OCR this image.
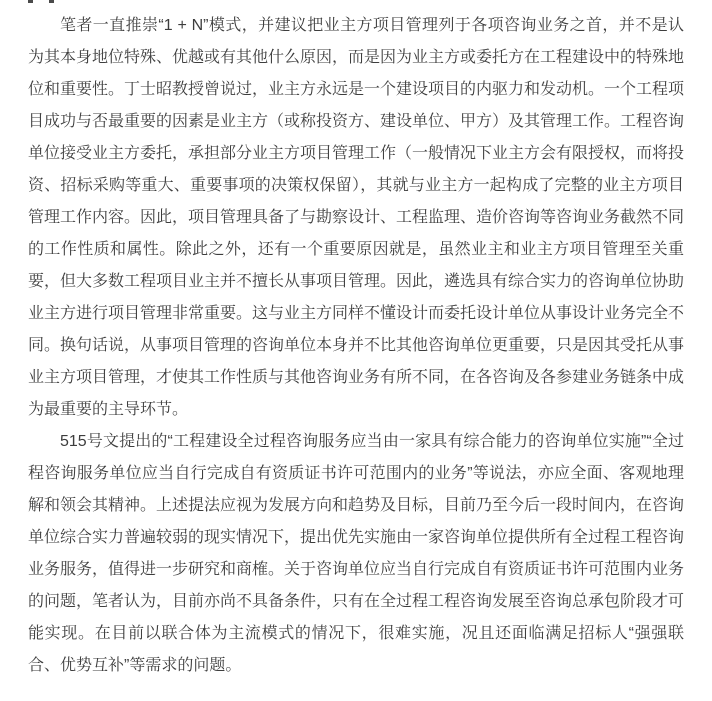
笔者一直推崇“1 + N”模式，并建议把业主方项目管理列于各项咨询业务之首，并不是认
为其本身地位特殊、优越或有其他什么原因，而是因为业主方或委托方在工程建设中的特殊地
位和重要性。丁士昭教授曾说过，业主方永远是一个建设项目的内驱力和发动机。一个工程项
目成功与否最重要的因素是业主方（或称投资方、建设单位、甲方）及其管理工作。工程咨询
单位接受业主方委托，承担部分业主方项目管理工作（一般情况下业主方会有限授权，而将投
资、招标采购等重大、重要事项的决策权保留），其就与业主方一起构成了完整的业主方项目
管理工作内容。因此，项目管理具备了与勘察设计、工程监理、造价咨询等咨询业务截然不同
的工作性质和属性。除此之外，还有一个重要原因就是，虽然业主和业主方项目管理至关重
要，但大多数工程项目业主并不擅长从事项目管理。因此，遴选具有综合实力的咨询单位协助
业主方进行项目管理非常重要。这与业主方同样不懂设计而委托设计单位从事设计业务完全不
同。换句话说，从事项目管理的咨询单位本身并不比其他咨询单位更重要，只是因其受托从事
业主方项目管理，才使其工作性质与其他咨询业务有所不同，在各咨询及各参建业务链条中成
为最重要的主导环节。
515号文提出的“工程建设全过程咨询服务应当由一家具有综合能力的咨询单位实施”“全过
程咨询服务单位应当自行完成自有资质证书许可范围内的业务”等说法，亦应全面、客观地理
解和领会其精神。上述提法应视为发展方向和趋势及目标，目前乃至今后一段时间内，在咨询
单位综合实力普遍较弱的现实情况下，提出优先实施由一家咨询单位提供所有全过程工程咨询
业务服务，值得进一步研究和商榷。关于咨询单位应当自行完成自有资质证书许可范围内业务
的问题，笔者认为，目前亦尚不具备条件，只有在全过程工程咨询发展至咨询总承包阶段才可
能实现。在目前以联合体为主流模式的情况下，很难实施，况且还面临满足招标人“强强联
合、优势互补”等需求的问题。
